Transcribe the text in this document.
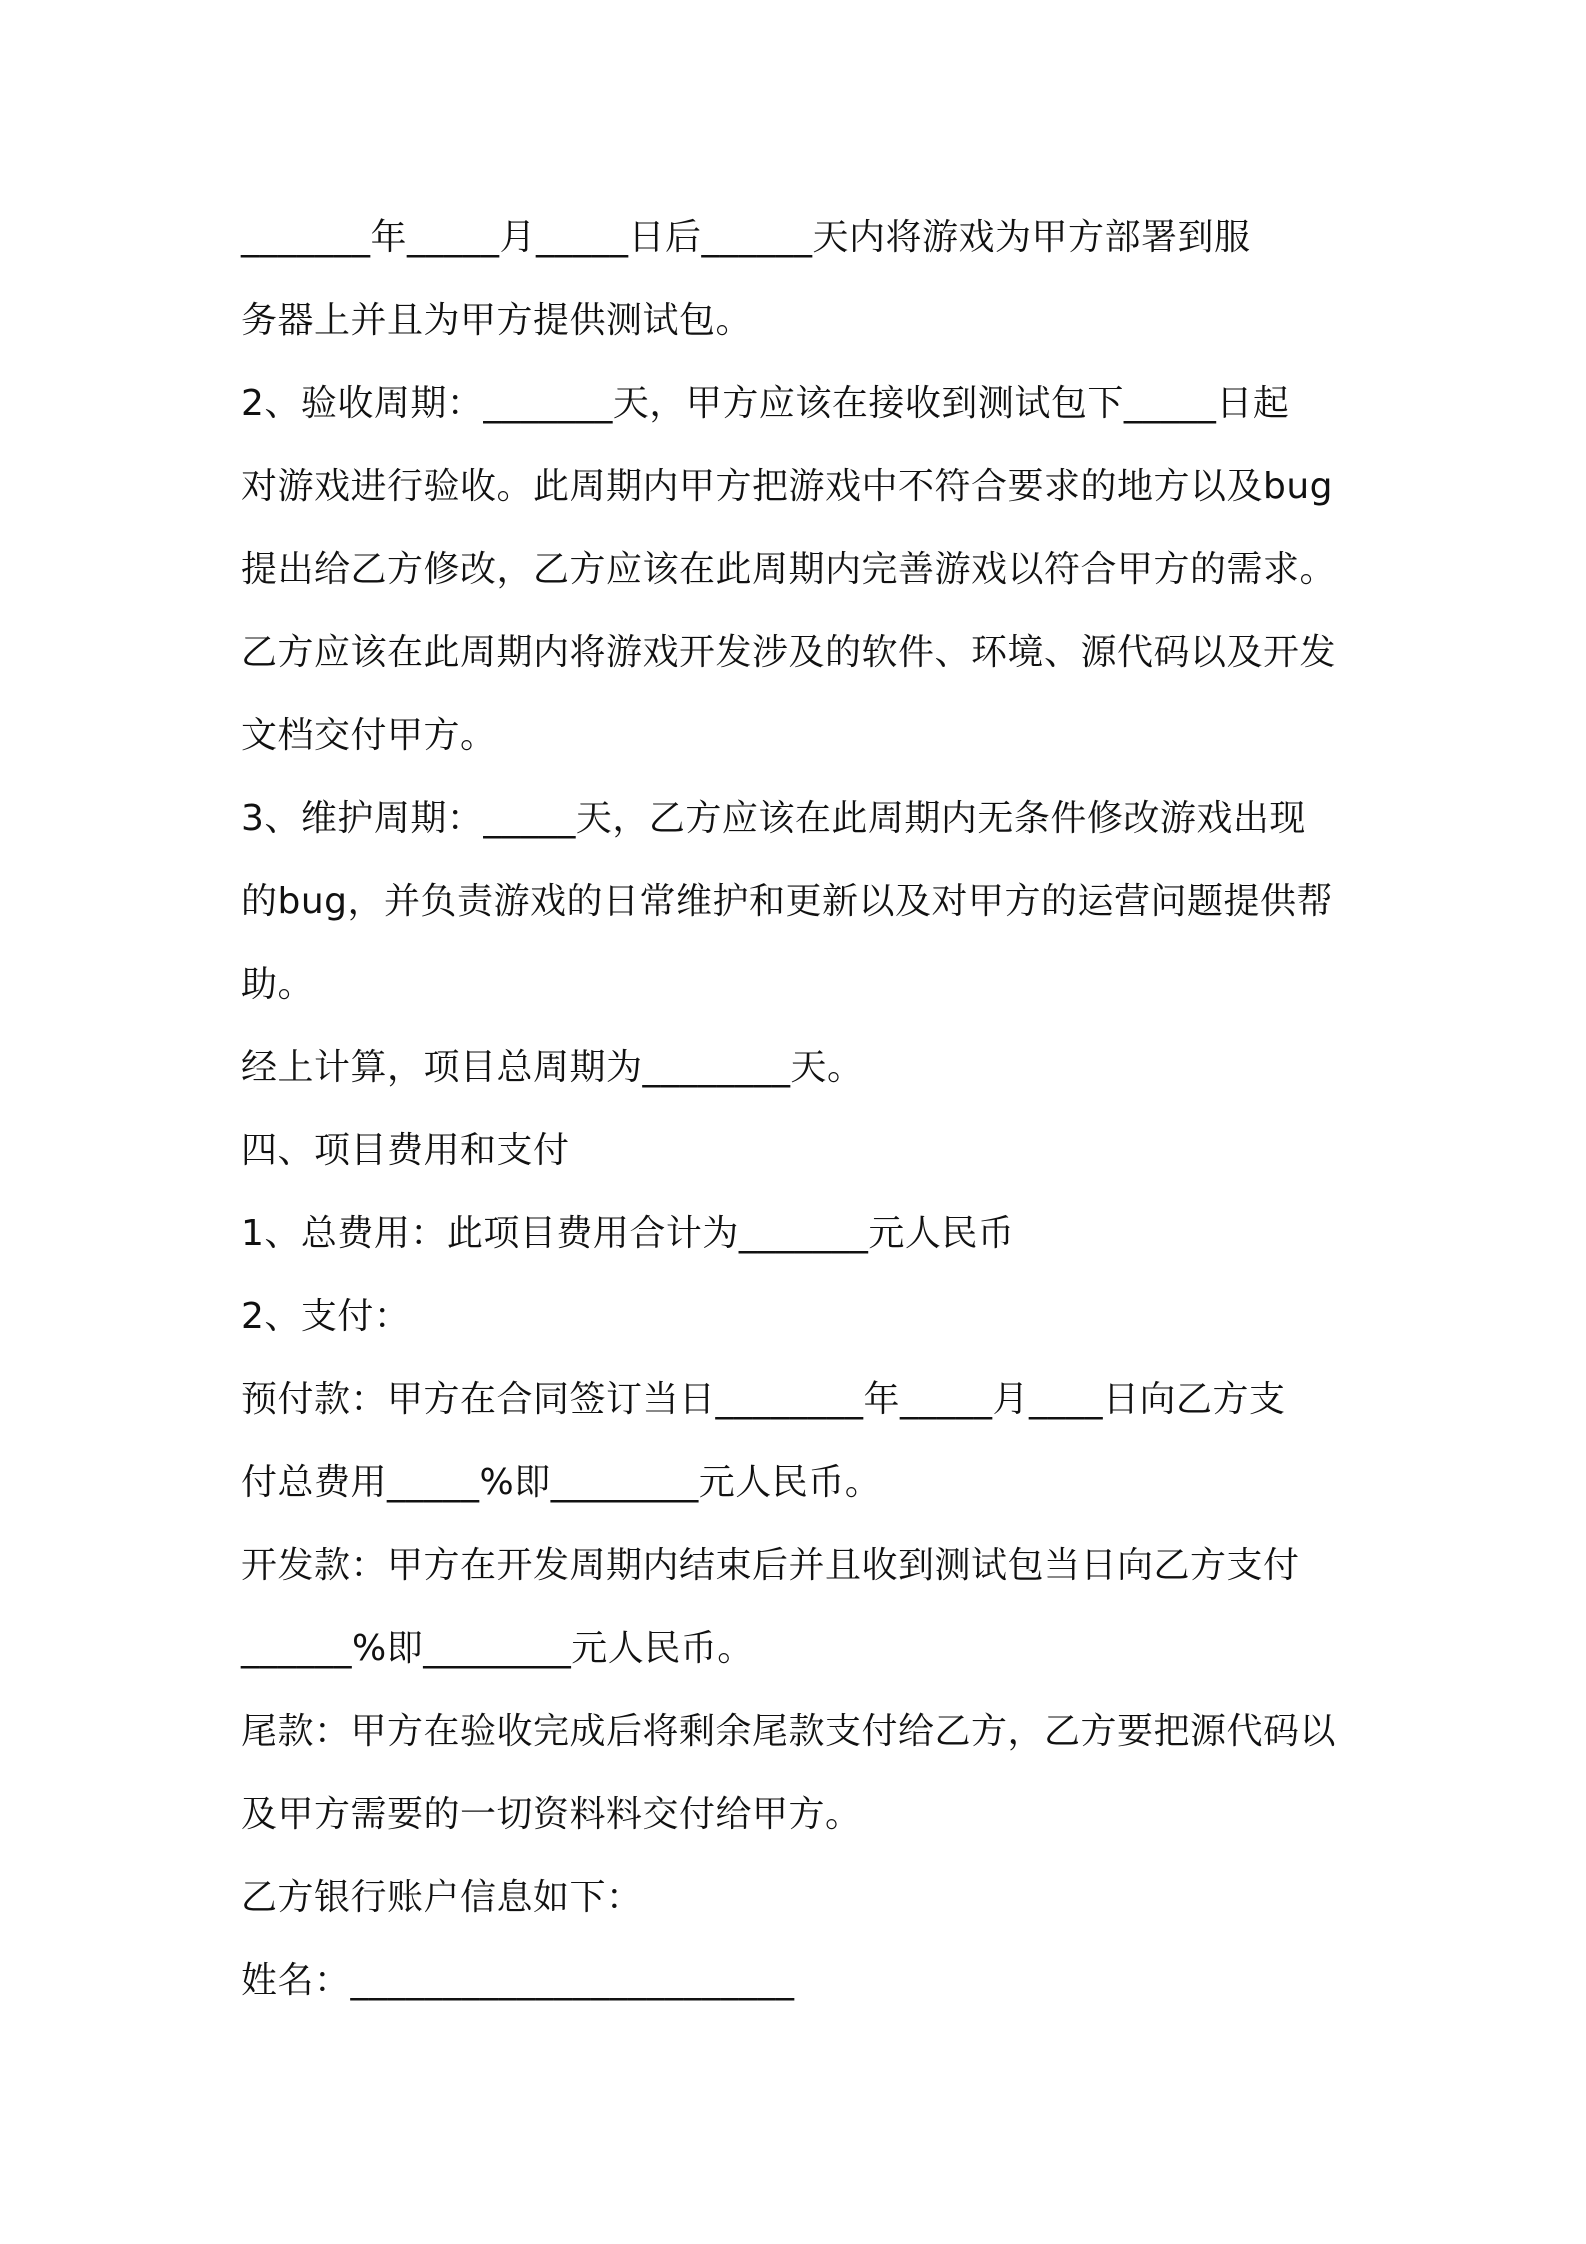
_______年_____月_____日后______天内将游戏为甲方部署到服
务器上并且为甲方提供测试包。
2、验收周期：_______天，甲方应该在接收到测试包下_____日起
对游戏进行验收。此周期内甲方把游戏中不符合要求的地方以及bug
提出给乙方修改，乙方应该在此周期内完善游戏以符合甲方的需求。
乙方应该在此周期内将游戏开发涉及的软件、环境、源代码以及开发
文档交付甲方。
3、维护周期：_____天，乙方应该在此周期内无条件修改游戏出现
的bug，并负责游戏的日常维护和更新以及对甲方的运营问题提供帮
助。
经上计算，项目总周期为________天。
四、项目费用和支付
1、总费用：此项目费用合计为_______元人民币
2、支付：
预付款：甲方在合同签订当日________年_____月____日向乙方支
付总费用_____%即________元人民币。
开发款：甲方在开发周期内结束后并且收到测试包当日向乙方支付
______%即________元人民币。
尾款：甲方在验收完成后将剩余尾款支付给乙方，乙方要把源代码以
及甲方需要的一切资料料交付给甲方。
乙方银行账户信息如下：
姓名：________________________
